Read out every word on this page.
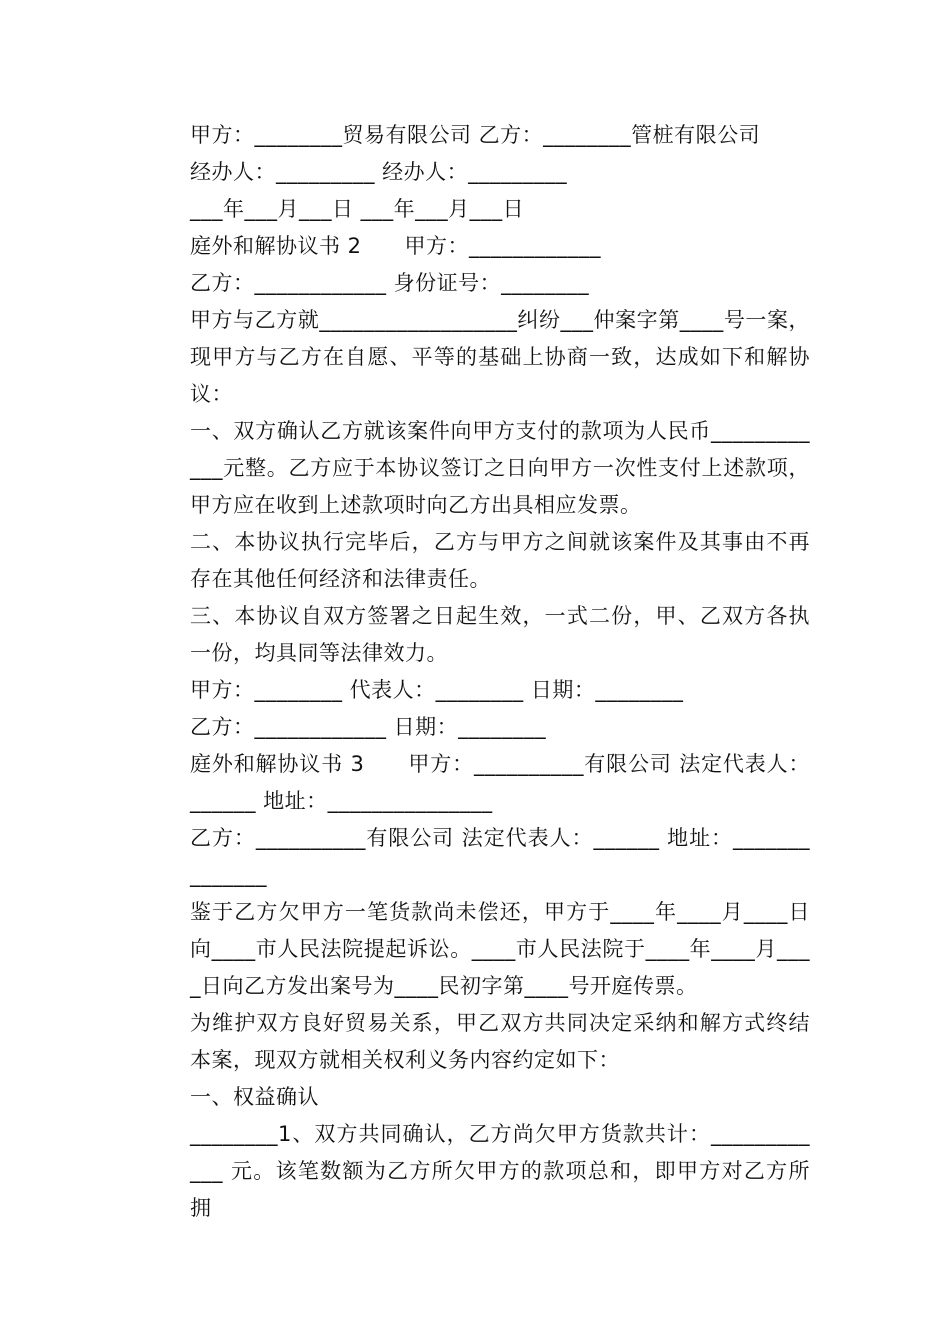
甲方：________贸易有限公司 乙方：________管桩有限公司

经办人：_________ 经办人：_________

___年___月___日 ___年___月___日

庭外和解协议书 2　　甲方：____________

乙方：____________ 身份证号：________

甲方与乙方就__________________纠纷___仲案字第____号一案，现甲方与乙方在自愿、平等的基础上协商一致，达成如下和解协议：

一、双方确认乙方就该案件向甲方支付的款项为人民币____________元整。乙方应于本协议签订之日向甲方一次性支付上述款项，甲方应在收到上述款项时向乙方出具相应发票。

二、本协议执行完毕后，乙方与甲方之间就该案件及其事由不再存在其他任何经济和法律责任。

三、本协议自双方签署之日起生效，一式二份，甲、乙双方各执一份，均具同等法律效力。

甲方：________ 代表人：________ 日期：________

乙方：____________ 日期：________

庭外和解协议书 3　　甲方：__________有限公司 法定代表人：______ 地址：_______________

乙方：__________有限公司 法定代表人：______ 地址：______________

鉴于乙方欠甲方一笔货款尚未偿还，甲方于____年____月____日向____市人民法院提起诉讼。____市人民法院于____年____月____日向乙方发出案号为____民初字第____号开庭传票。

为维护双方良好贸易关系，甲乙双方共同决定采纳和解方式终结本案，现双方就相关权利义务内容约定如下：

一、权益确认

________1、双方共同确认，乙方尚欠甲方货款共计：____________ 元。该笔数额为乙方所欠甲方的款项总和，即甲方对乙方所拥
